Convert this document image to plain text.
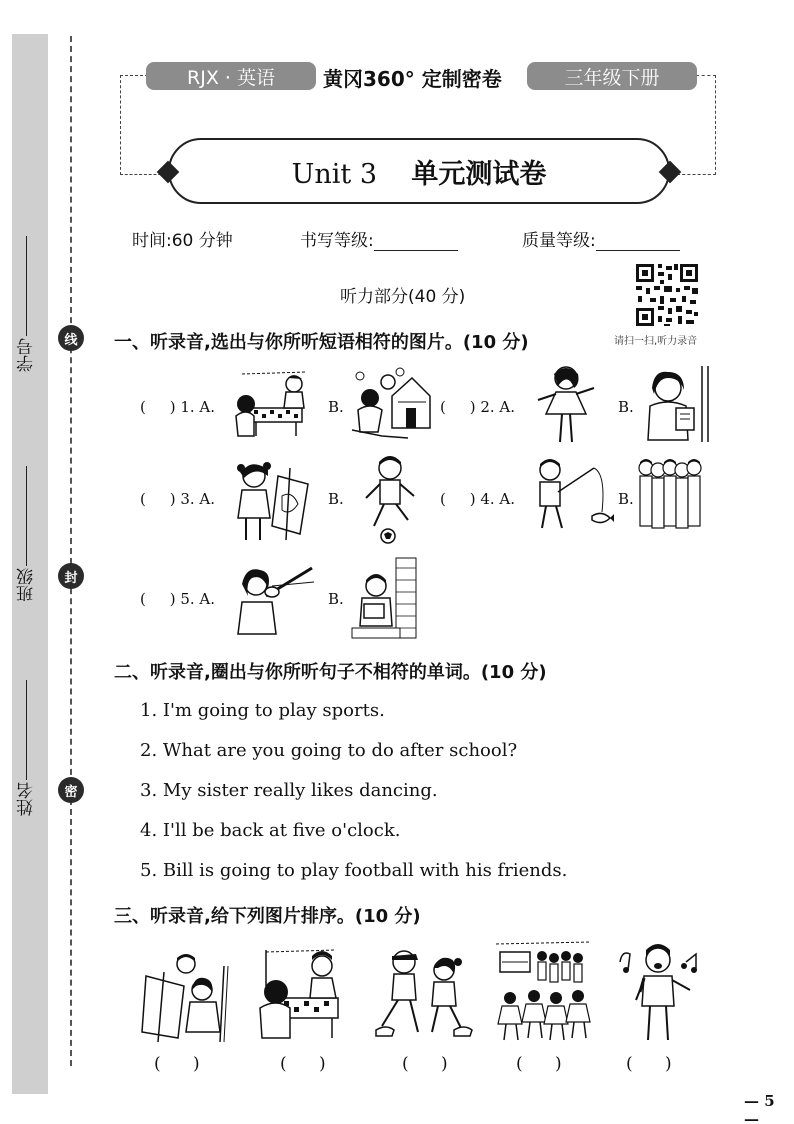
线
封
密
学号
班级
姓名
RJX · 英语	黄冈360° 定制密卷	三年级下册
Unit 3 单元测试卷
时间:60 分钟	书写等级:	质量等级:
请扫一扫,听力录音
听力部分(40 分)
一、听录音,选出与你所听短语相符的图片。(10 分)
(     ) 1. A.	B.	(     ) 2. A.	B.
(     ) 3. A.	B.	(     ) 4. A.	B.
(     ) 5. A.	B.
二、听录音,圈出与你所听句子不相符的单词。(10 分)
1. I'm going to play sports.
2. What are you going to do after school?
3. My sister really likes dancing.
4. I'll be back at five o'clock.
5. Bill is going to play football with his friends.
三、听录音,给下列图片排序。(10 分)
(      )	(      )	(      )	(      )	(      )
— 5 —
